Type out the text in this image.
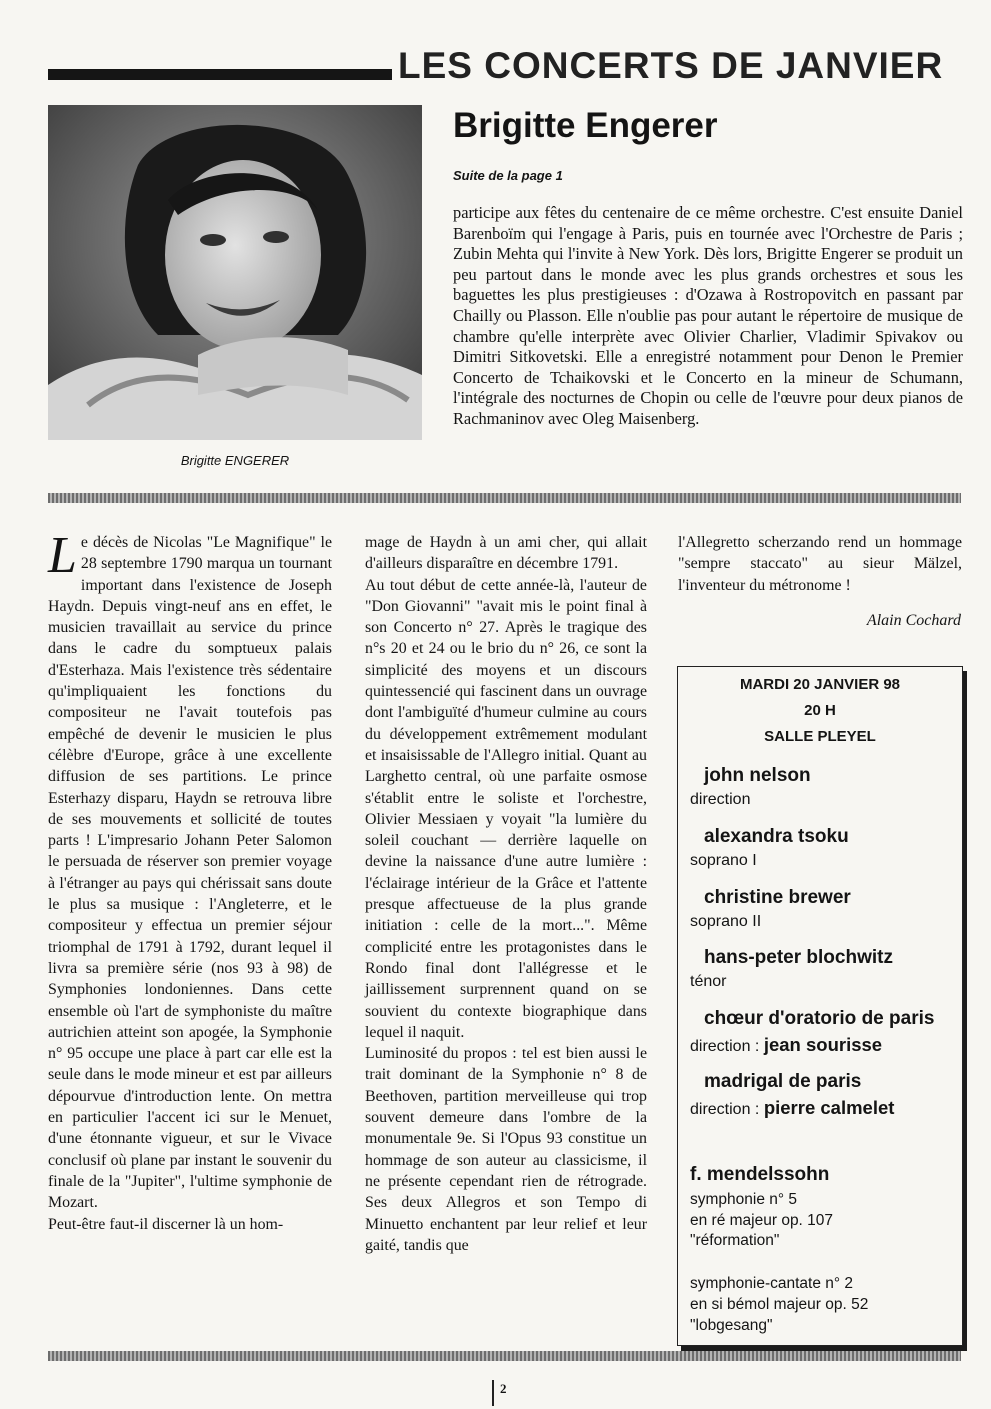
LES CONCERTS DE JANVIER
Brigitte ENGERER
Brigitte Engerer
Suite de la page 1
participe aux fêtes du centenaire de ce même orchestre. C'est ensuite Daniel Barenboïm qui l'engage à Paris, puis en tournée avec l'Orchestre de Paris ; Zubin Mehta qui l'invite à New York. Dès lors, Brigitte Engerer se produit un peu partout dans le monde avec les plus grands orchestres et sous les baguettes les plus prestigieuses : d'Ozawa à Rostropovitch en passant par Chailly ou Plasson. Elle n'oublie pas pour autant le répertoire de musique de chambre qu'elle interprète avec Olivier Charlier, Vladimir Spivakov ou Dimitri Sitkovetski. Elle a enregistré notamment pour Denon le Premier Concerto de Tchaikovski et le Concerto en la mineur de Schumann, l'intégrale des nocturnes de Chopin ou celle de l'œuvre pour deux pianos de Rachmaninov avec Oleg Maisenberg.

Le décès de Nicolas "Le Magnifique" le 28 septembre 1790 marqua un tournant important dans l'existence de Joseph Haydn. Depuis vingt-neuf ans en effet, le musicien travaillait au service du prince dans le cadre du somptueux palais d'Esterhaza. Mais l'existence très sédentaire qu'impliquaient les fonctions du compositeur ne l'avait toutefois pas empêché de devenir le musicien le plus célèbre d'Europe, grâce à une excellente diffusion de ses partitions. Le prince Esterhazy disparu, Haydn se retrouva libre de ses mouvements et sollicité de toutes parts ! L'impresario Johann Peter Salomon le persuada de réserver son premier voyage à l'étranger au pays qui chérissait sans doute le plus sa musique : l'Angleterre, et le compositeur y effectua un premier séjour triomphal de 1791 à 1792, durant lequel il livra sa première série (nos 93 à 98) de Symphonies londoniennes. Dans cette ensemble où l'art de symphoniste du maître autrichien atteint son apogée, la Symphonie n° 95 occupe une place à part car elle est la seule dans le mode mineur et est par ailleurs dépourvue d'introduction lente. On mettra en particulier l'accent ici sur le Menuet, d'une étonnante vigueur, et sur le Vivace conclusif où plane par instant le souvenir du finale de la "Jupiter", l'ultime symphonie de Mozart.

Peut-être faut-il discerner là un hom-

mage de Haydn à un ami cher, qui allait d'ailleurs disparaître en décembre 1791.

Au tout début de cette année-là, l'auteur de "Don Giovanni" "avait mis le point final à son Concerto n° 27. Après le tragique des n°s 20 et 24 ou le brio du n° 26, ce sont la simplicité des moyens et un discours quintessencié qui fascinent dans un ouvrage dont l'ambiguïté d'humeur culmine au cours du développement extrêmement modulant et insaisissable de l'Allegro initial. Quant au Larghetto central, où une parfaite osmose s'établit entre le soliste et l'orchestre, Olivier Messiaen y voyait "la lumière du soleil couchant — derrière laquelle on devine la naissance d'une autre lumière : l'éclairage intérieur de la Grâce et l'attente presque affectueuse de la plus grande initiation : celle de la mort...". Même complicité entre les protagonistes dans le Rondo final dont l'allégresse et le jaillissement surprennent quand on se souvient du contexte biographique dans lequel il naquit.

Luminosité du propos : tel est bien aussi le trait dominant de la Symphonie n° 8 de Beethoven, partition merveilleuse qui trop souvent demeure dans l'ombre de la monumentale 9e. Si l'Opus 93 constitue un hommage de son auteur au classicisme, il ne présente cependant rien de rétrograde. Ses deux Allegros et son Tempo di Minuetto enchantent par leur relief et leur gaité, tandis que

l'Allegretto scherzando rend un hommage "sempre staccato" au sieur Mälzel, l'inventeur du métronome !

Alain Cochard
MARDI 20 JANVIER 98
20 H
SALLE PLEYEL
john nelson
direction
alexandra tsoku
soprano I
christine brewer
soprano II
hans-peter blochwitz
ténor
chœur d'oratorio de paris
direction : jean sourisse
madrigal de paris
direction : pierre calmelet
f. mendelssohn
symphonie n° 5
en ré majeur op. 107
"réformation"
symphonie-cantate n° 2
en si bémol majeur op. 52
"lobgesang"
2
